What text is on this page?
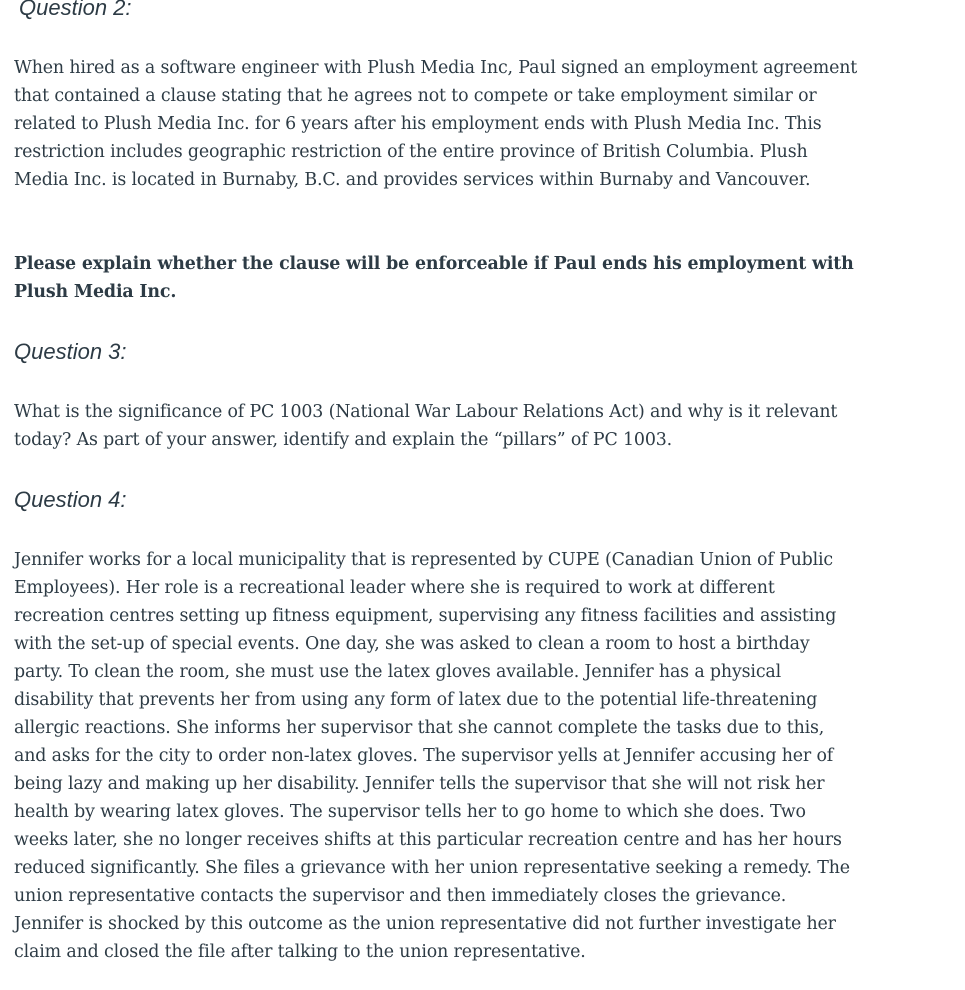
Question 2:

When hired as a software engineer with Plush Media Inc, Paul signed an employment agreement that contained a clause stating that he agrees not to compete or take employment similar or related to Plush Media Inc. for 6 years after his employment ends with Plush Media Inc. This restriction includes geographic restriction of the entire province of British Columbia. Plush Media Inc. is located in Burnaby, B.C. and provides services within Burnaby and Vancouver.

Please explain whether the clause will be enforceable if Paul ends his employment with Plush Media Inc.

Question 3:

What is the significance of PC 1003 (National War Labour Relations Act) and why is it relevant today? As part of your answer, identify and explain the “pillars” of PC 1003.

Question 4:

Jennifer works for a local municipality that is represented by CUPE (Canadian Union of Public Employees). Her role is a recreational leader where she is required to work at different recreation centres setting up fitness equipment, supervising any fitness facilities and assisting with the set-up of special events. One day, she was asked to clean a room to host a birthday party. To clean the room, she must use the latex gloves available. Jennifer has a physical disability that prevents her from using any form of latex due to the potential life-threatening allergic reactions. She informs her supervisor that she cannot complete the tasks due to this, and asks for the city to order non-latex gloves. The supervisor yells at Jennifer accusing her of being lazy and making up her disability. Jennifer tells the supervisor that she will not risk her health by wearing latex gloves. The supervisor tells her to go home to which she does. Two weeks later, she no longer receives shifts at this particular recreation centre and has her hours reduced significantly. She files a grievance with her union representative seeking a remedy. The union representative contacts the supervisor and then immediately closes the grievance. Jennifer is shocked by this outcome as the union representative did not further investigate her claim and closed the file after talking to the union representative.
